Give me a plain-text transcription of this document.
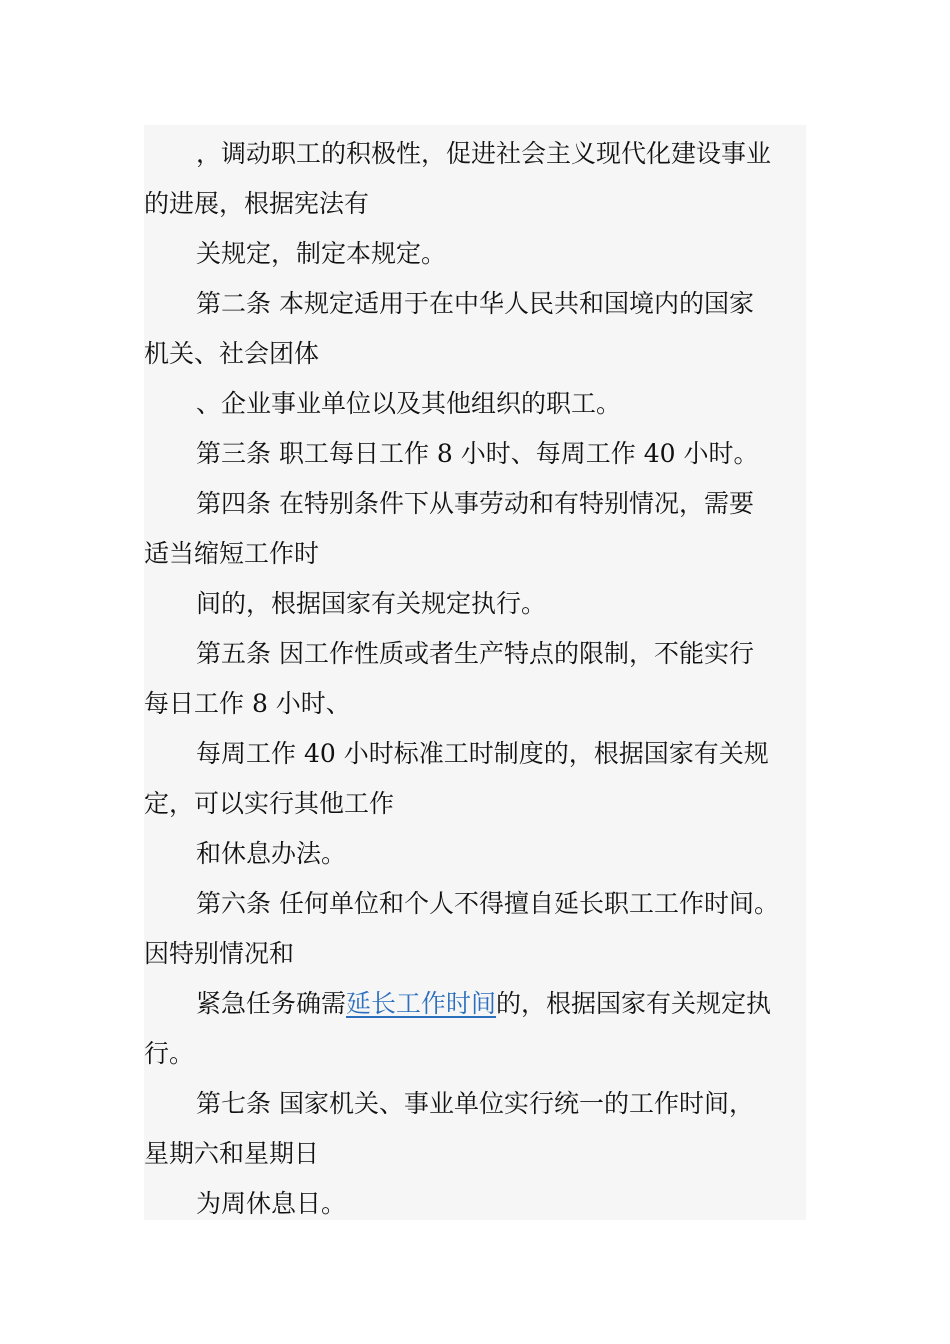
，调动职工的积极性，促进社会主义现代化建设事业
的进展，根据宪法有

关规定，制定本规定。

第二条 本规定适用于在中华人民共和国境内的国家
机关、社会团体

、企业事业单位以及其他组织的职工。

第三条 职工每日工作 8 小时、每周工作 40 小时。

第四条 在特别条件下从事劳动和有特别情况，需要
适当缩短工作时

间的，根据国家有关规定执行。

第五条 因工作性质或者生产特点的限制，不能实行
每日工作 8 小时、

每周工作 40 小时标准工时制度的，根据国家有关规
定，可以实行其他工作

和休息办法。

第六条 任何单位和个人不得擅自延长职工工作时间。
因特别情况和

紧急任务确需延长工作时间的，根据国家有关规定执
行。

第七条 国家机关、事业单位实行统一的工作时间，
星期六和星期日

为周休息日。
